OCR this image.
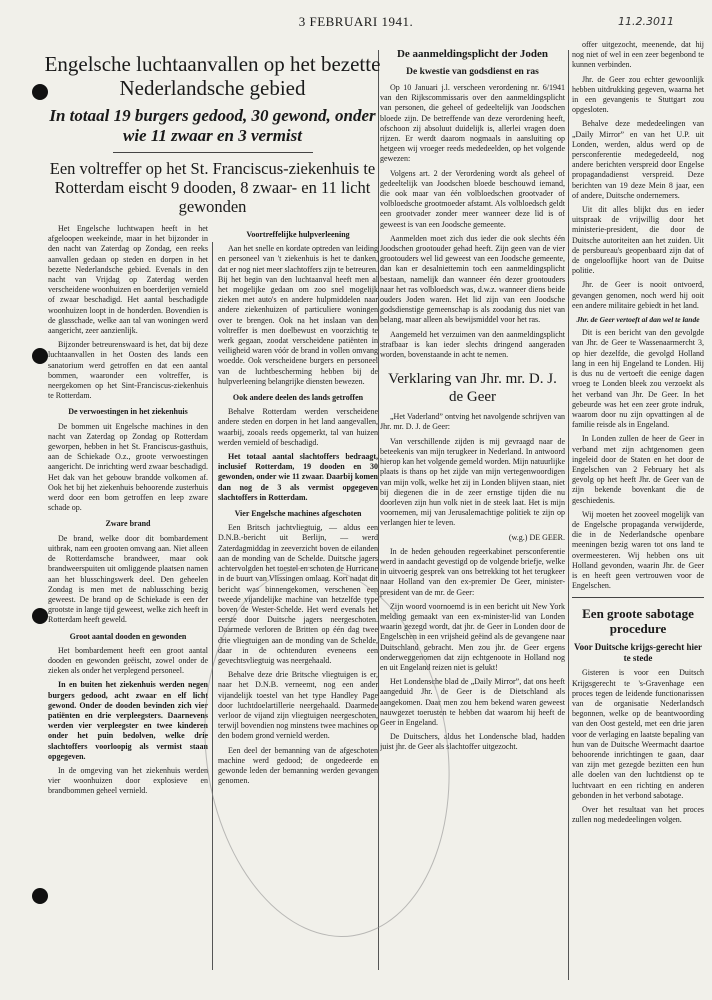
3 FEBRUARI 1941.	11.2.3011
Engelsche luchtaanvallen op het bezette Nederlandsche gebied
In totaal 19 burgers gedood, 30 gewond, onder wie 11 zwaar en 3 vermist
Een voltreffer op het St. Franciscus-ziekenhuis te Rotterdam eischt 9 dooden, 8 zwaar- en 11 licht gewonden

Het Engelsche luchtwapen heeft in het afgeloopen weekeinde, maar in het bijzonder in den nacht van Zaterdag op Zondag, een reeks aanvallen gedaan op steden en dorpen in het bezette Nederlandsche gebied. Evenals in den nacht van Vrijdag op Zaterdag werden verscheidene woonhuizen en boerderijen vernield of zwaar beschadigd. Het aantal beschadigde woonhuizen loopt in de honderden. Bovendien is de glasschade, welke aan tal van woningen werd aangericht, zeer aanzienlijk.

Bijzonder betreurenswaard is het, dat bij deze luchtaanvallen in het Oosten des lands een sanatorium werd getroffen en dat een aantal bommen, waaronder een voltreffer, is neergekomen op het Sint-Franciscus-ziekenhuis te Rotterdam.

De verwoestingen in het ziekenhuis

De bommen uit Engelsche machines in den nacht van Zaterdag op Zondag op Rotterdam geworpen, hebben in het St. Franciscus-gasthuis, aan de Schiekade O.z., groote verwoestingen aangericht. De inrichting werd zwaar beschadigd. Het dak van het gebouw brandde volkomen af. Ook het bij het ziekenhuis behoorende zusterhuis werd door een bom getroffen en leep zware schade op.

Zware brand

De brand, welke door dit bombardement uitbrak, nam een grooten omvang aan. Niet alleen de Rotterdamsche brandweer, maar ook brandweerspuiten uit omliggende plaatsen namen aan het blusschingswerk deel. Den geheelen Zondag is men met de nablussching bezig geweest. De brand op de Schiekade is een der grootste in lange tijd geweest, welke zich heeft in Rotterdam heeft geweld.

Groot aantal dooden en gewonden

Het bombardement heeft een groot aantal dooden en gewonden geëischt, zowel onder de zieken als onder het verplegend personeel.

In en buiten het ziekenhuis werden negen burgers gedood, acht zwaar en elf licht gewond. Onder de dooden bevinden zich vier patiënten en drie verpleegsters. Daarnevens werden vier verpleegster en twee kinderen onder het puin bedolven, welke drie slachtoffers voorloopig als vermist staan opgegeven.

In de omgeving van het ziekenhuis werden vier woonhuizen door explosieve en brandbommen geheel vernield.

Voortreffelijke hulpverleening

Aan het snelle en kordate optreden van leiding en personeel van 't ziekenhuis is het te danken, dat er nog niet meer slachtoffers zijn te betreuren. Bij het begin van den luchtaanval heeft men al het mogelijke gedaan om zoo snel mogelijk zieken met auto's en andere hulpmiddelen naar andere ziekenhuizen of particuliere woningen over te brengen. Ook na het inslaan van den voltreffer is men doelbewust en voorzichtig te werk gegaan, zoodat verscheidene patiënten in veiligheid waren vóór de brand in vollen omvang woedde. Ook verscheidene burgers en personeel van de luchtbescherming hebben bij de hulpverleening belangrijke diensten bewezen.

Ook andere deelen des lands getroffen

Behalve Rotterdam werden verscheidene andere steden en dorpen in het land aangevallen, waarbij, zooals reeds opgemerkt, tal van huizen werden vernield of beschadigd.

Het totaal aantal slachtoffers bedraagt, inclusief Rotterdam, 19 dooden en 30 gewonden, onder wie 11 zwaar. Daarbij komen dan nog de 3 als vermist opgegeven slachtoffers in Rotterdam.

Vier Engelsche machines afgeschoten

Een Britsch jachtvliegtuig, — aldus een D.N.B.-bericht uit Berlijn, — werd Zaterdagmiddag in zeeverzicht boven de eilanden aan de monding van de Schelde. Duitsche jagers achtervolgden het toestel en schoten de Hurricane in de buurt van Vlissingen omlaag. Kort nadat dit bericht was binnengekomen, verschenen een tweede vijandelijke machine van hetzelfde type boven de Wester-Schelde. Het werd evenals het eerste door Duitsche jagers neergeschoten. Daarmede verloren de Britten op één dag twee drie vliegtuigen aan de monding van de Schelde, daar in de ochtenduren eveneens een gevechtsvliegtuig was neergehaald.

Behalve deze drie Britsche vliegtuigen is er, naar het D.N.B. verneemt, nog een ander vijandelijk toestel van het type Handley Page door luchtdoelartillerie neergehaald. Daarmede verloor de vijand zijn vliegtuigen neergeschoten, terwijl bovendien nog minstens twee machines op den bodem grond vernield werden.

Een deel der bemanning van de afgeschoten machine werd gedood; de ongedeerde en gewonde leden der bemanning werden gevangen genomen.

De aanmeldingsplicht der Joden
De kwestie van godsdienst en ras

Op 10 Januari j.l. verscheen verordening nr. 6/1941 van den Rijkscommissaris over den aanmeldingsplicht van personen, die geheel of gedeeltelijk van Joodschen bloede zijn. De betreffende van deze verordening heeft, ofschoon zij absoluut duidelijk is, allerlei vragen doen rijzen. Er werdt daarom nogmaals in aansluiting op hetgeen wij vroeger reeds mededeelden, op het volgende gewezen:

Volgens art. 2 der Verordening wordt als geheel of gedeeltelijk van Joodschen bloede beschouwd iemand, die ook maar van één volbloedschen grootvader of volbloedsche grootmoeder afstamt. Als volbloedsch geldt een grootvader zonder meer wanneer deze lid is of geweest is van een Joodsche gemeente.

Aanmelden moet zich dus ieder die ook slechts één Joodschen grootouder gehad heeft. Zijn geen van de vier grootouders wel lid geweest van een Joodsche gemeente, dan kan er desalniettemin toch een aanmeldingsplicht bestaan, namelijk dan wanneer één dezer grootouders naar het ras volbloedsch was, d.w.z. wanneer diens beide ouders Joden waren. Het lid zijn van een Joodsche godsdienstige gemeenschap is als zoodanig dus niet van belang, maar alleen als bewijsmiddel voor het ras.

Aangemeld het verzuimen van den aanmeldingsplicht strafbaar is kan ieder slechts dringend aangeraden worden, bovenstaande in acht te nemen.

Verklaring van Jhr. mr. D. J. de Geer

„Het Vaderland” ontving het navolgende schrijven van Jhr. mr. D. J. de Geer:

Van verschillende zijden is mij gevraagd naar de beteekenis van mijn terugkeer in Nederland. In antwoord hierop kan het volgende gemeld worden. Mijn natuurlijke plaats is thans op het zijde van mijn vertegenwoordigen van mijn volk, welke het zij in Londen blijven staan, niet bij diegenen die in de zeer ernstige tijden die nu doorleven zijn hun volk niet in de steek laat. Het is mijn voornemen, mij van Jerusalemachtige politiek te zijn op verlangen hier te leven.

(w.g.) DE GEER.

In de heden gehouden regeerkabinet persconferentie werd in aandacht gevestigd op de volgende briefje, welke in uitvoerig gesprek van ons betrekking tot het terugkeer naar Holland van den ex-premier De Geer, minister-president van de mr. de Geer:

Zijn woord voornoemd is in een bericht uit New York melding gemaakt van een ex-minister-lid van Londen waarin gezegd wordt, dat jhr. de Geer in Londen door de Engelschen in een vrijsheid geëind als de gevangene naar Duitschland gebracht. Men zou jhr. de Geer ergens onderweggenomen dat zijn echtgenoote in Holland nog en uit Engeland reizen niet is gelukt!

Het Londensche blad de „Daily Mirror”, dat ons heeft aangeduid Jhr. de Geer is de Dietschland als aangekomen. Daar men zou hem bekend waren geweest nauwgezet toerusten te hebben dat waarom hij heeft de Geer in Engeland.

De Duitschers, aldus het Londensche blad, hadden juist jhr. de Geer als slachtoffer uitgezocht.

offer uitgezocht, meenende, dat hij nog niet of wel in een zeer begenbond te kunnen verbinden.

Jhr. de Geer zou echter gewoonlijk hebben uitdrukking gegeven, waarna het in een gevangenis te Stuttgart zou opgesloten.

Behalve deze mededeelingen van „Daily Mirror” en van het U.P. uit Londen, werden, aldus werd op de persconferentie medegedeeld, nog andere berichten verspreid door Engelse propagandadienst verspreid. Deze berichten van 19 deze Mein 8 jaar, een of andere, Duitsche ondernemers.

Uit dit alles blijkt dus en ieder uitspraak de vrijwillig door het ministerie-president, die door de Duitsche autoriteiten aan het zuiden. Uit de persbureau's geopenbaard zijn dat of de ongelooflijke hoort van de Duitse politie.

Jhr. de Geer is nooit ontvoerd, gevangen genomen, noch werd hij ooit een andere militaire gebiedt in het land.

Jhr. de Geer vertoeft al dan wel te lande

Dit is een bericht van den gevolgde van Jhr. de Geer te Wassenaarmercht 3, op hier dezelfde, die gevolgd Holland lang in een hij Engeland te Londen. Hij is dus nu de vertoeft die eenige dagen vroeg te Londen bleek zou verzoekt als het verband van Jhr. De Geer. In het gebeurde was het een zeer grote indruk, waarom door nu zijn opvattingen al de familie reisde als in Engeland.

In Londen zullen de heer de Geer in verband met zijn achtgenomen geen ingeleid door de Staten en het door de Engelschen van 2 February het als gevolg op het heeft Jhr. de Geer van de zijn bekende bovenkant die de geschiedenis.

Wij moeten het zooveel mogelijk van de Engelsche propaganda verwijderde, die in de Nederlandsche openbare meeningen bezig waren tot ons land te overmeesteren. Wij hebben ons uit Holland gevonden, waarin Jhr. de Geer is en heeft geen vertrouwen voor de Engelschen.

Een groote sabotage procedure
Voor Duitsche krijgs-gerecht hier te stede

Gisteren is voor een Duitsch Krijgsgerecht te 's-Gravenhage een proces tegen de leidende functionarissen van de organisatie Nederlandsch begonnen, welke op de beantwoording van den Oost gesteld, met een drie jaren voor de verlaging en laatste bepaling van hun van de Duitsche Weermacht daartoe behoorende inrichtingen te gaan, daar van zijn met gezegde bezitten een hun alle doelen van den luchtdienst op te luchtvaart en een richting en anderen gebonden in het verbond sabotage.

Over het resultaat van het proces zullen nog mededeelingen volgen.
